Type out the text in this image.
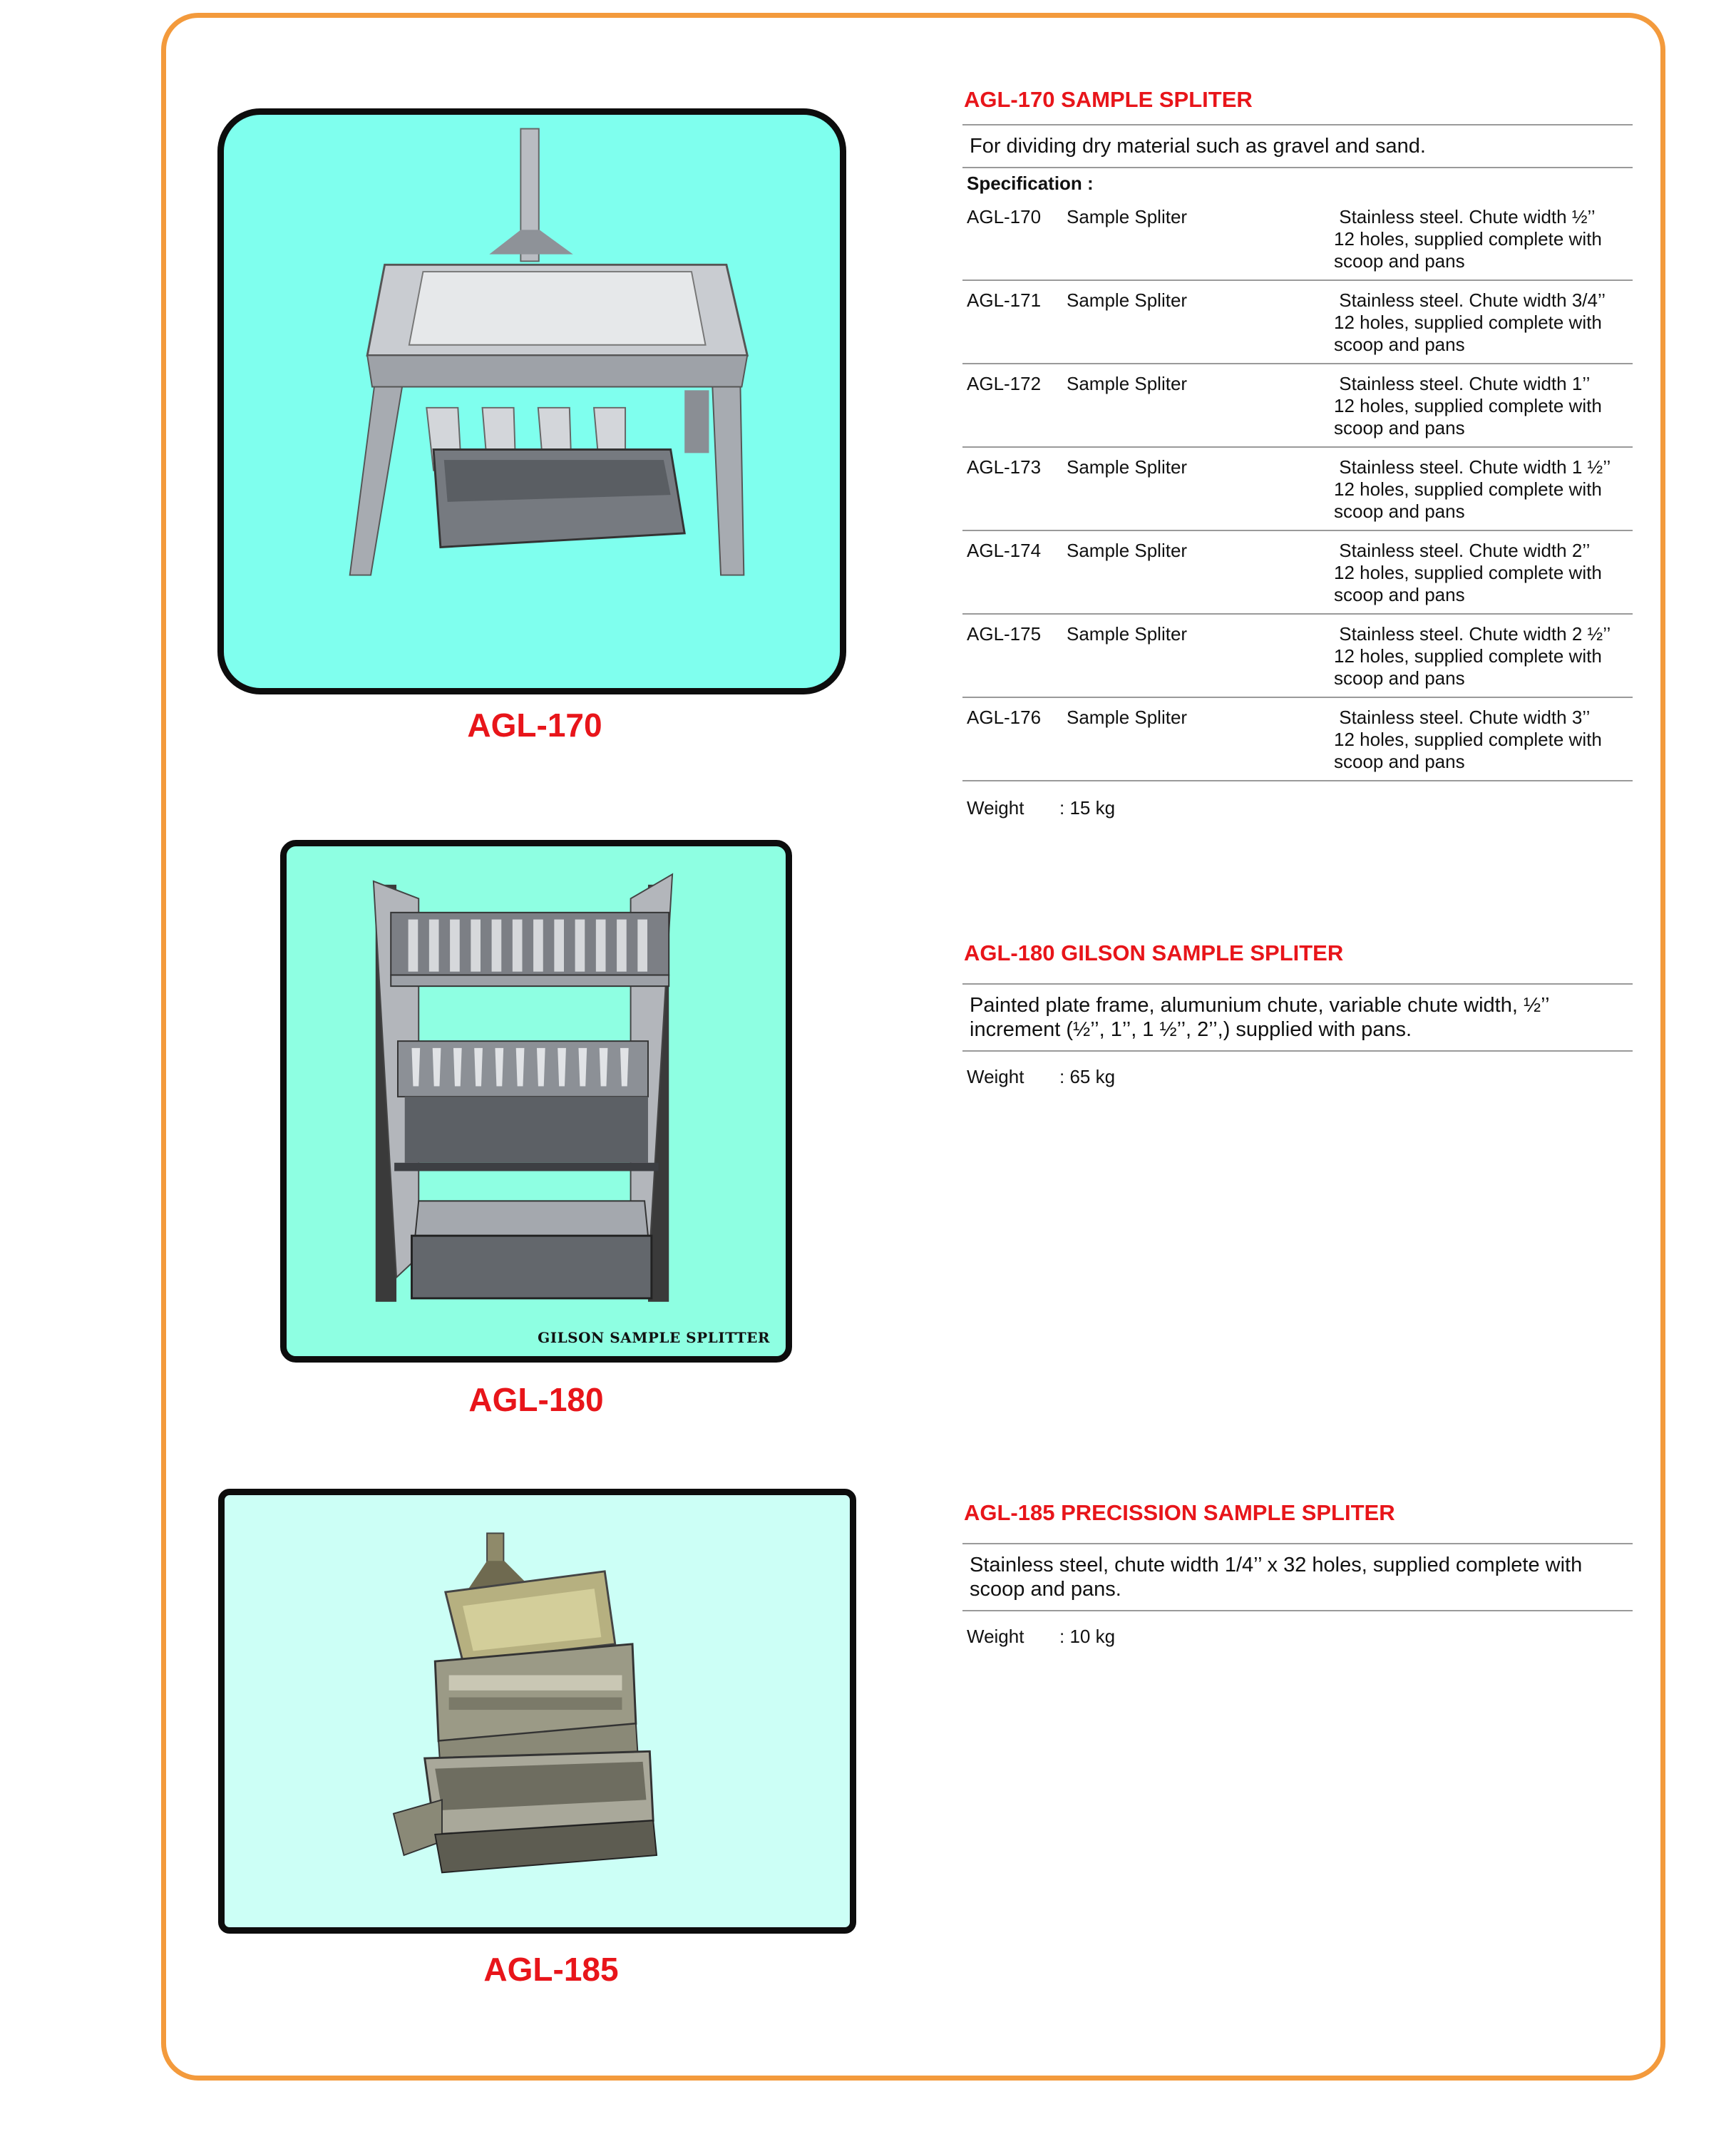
AGL-170
AGL-170 SAMPLE SPLITER
For dividing dry material such as gravel and sand.
Specification :
AGL-170	Sample Spliter	Stainless steel. Chute width ½’’
12 holes, supplied complete with
scoop and pans
AGL-171	Sample Spliter	Stainless steel. Chute width 3/4’’
12 holes, supplied complete with
scoop and pans
AGL-172	Sample Spliter	Stainless steel. Chute width 1’’
12 holes, supplied complete with
scoop and pans
AGL-173	Sample Spliter	Stainless steel. Chute width 1 ½’’
12 holes, supplied complete with
scoop and pans
AGL-174	Sample Spliter	Stainless steel. Chute width 2’’
12 holes, supplied complete with
scoop and pans
AGL-175	Sample Spliter	Stainless steel. Chute width 2 ½’’
12 holes, supplied complete with
scoop and pans
AGL-176	Sample Spliter	Stainless steel. Chute width 3’’
12 holes, supplied complete with
scoop and pans
Weight	: 15 kg
GILSON SAMPLE SPLITTER
AGL-180
AGL-180 GILSON SAMPLE SPLITER
Painted plate frame, alumunium chute, variable chute width, ½’’
increment (½’’, 1’’, 1 ½’’, 2’’,) supplied with pans.
Weight	: 65 kg
AGL-185
AGL-185 PRECISSION SAMPLE SPLITER
Stainless steel, chute width 1/4’’ x 32 holes, supplied complete with
scoop and pans.
Weight	: 10 kg
